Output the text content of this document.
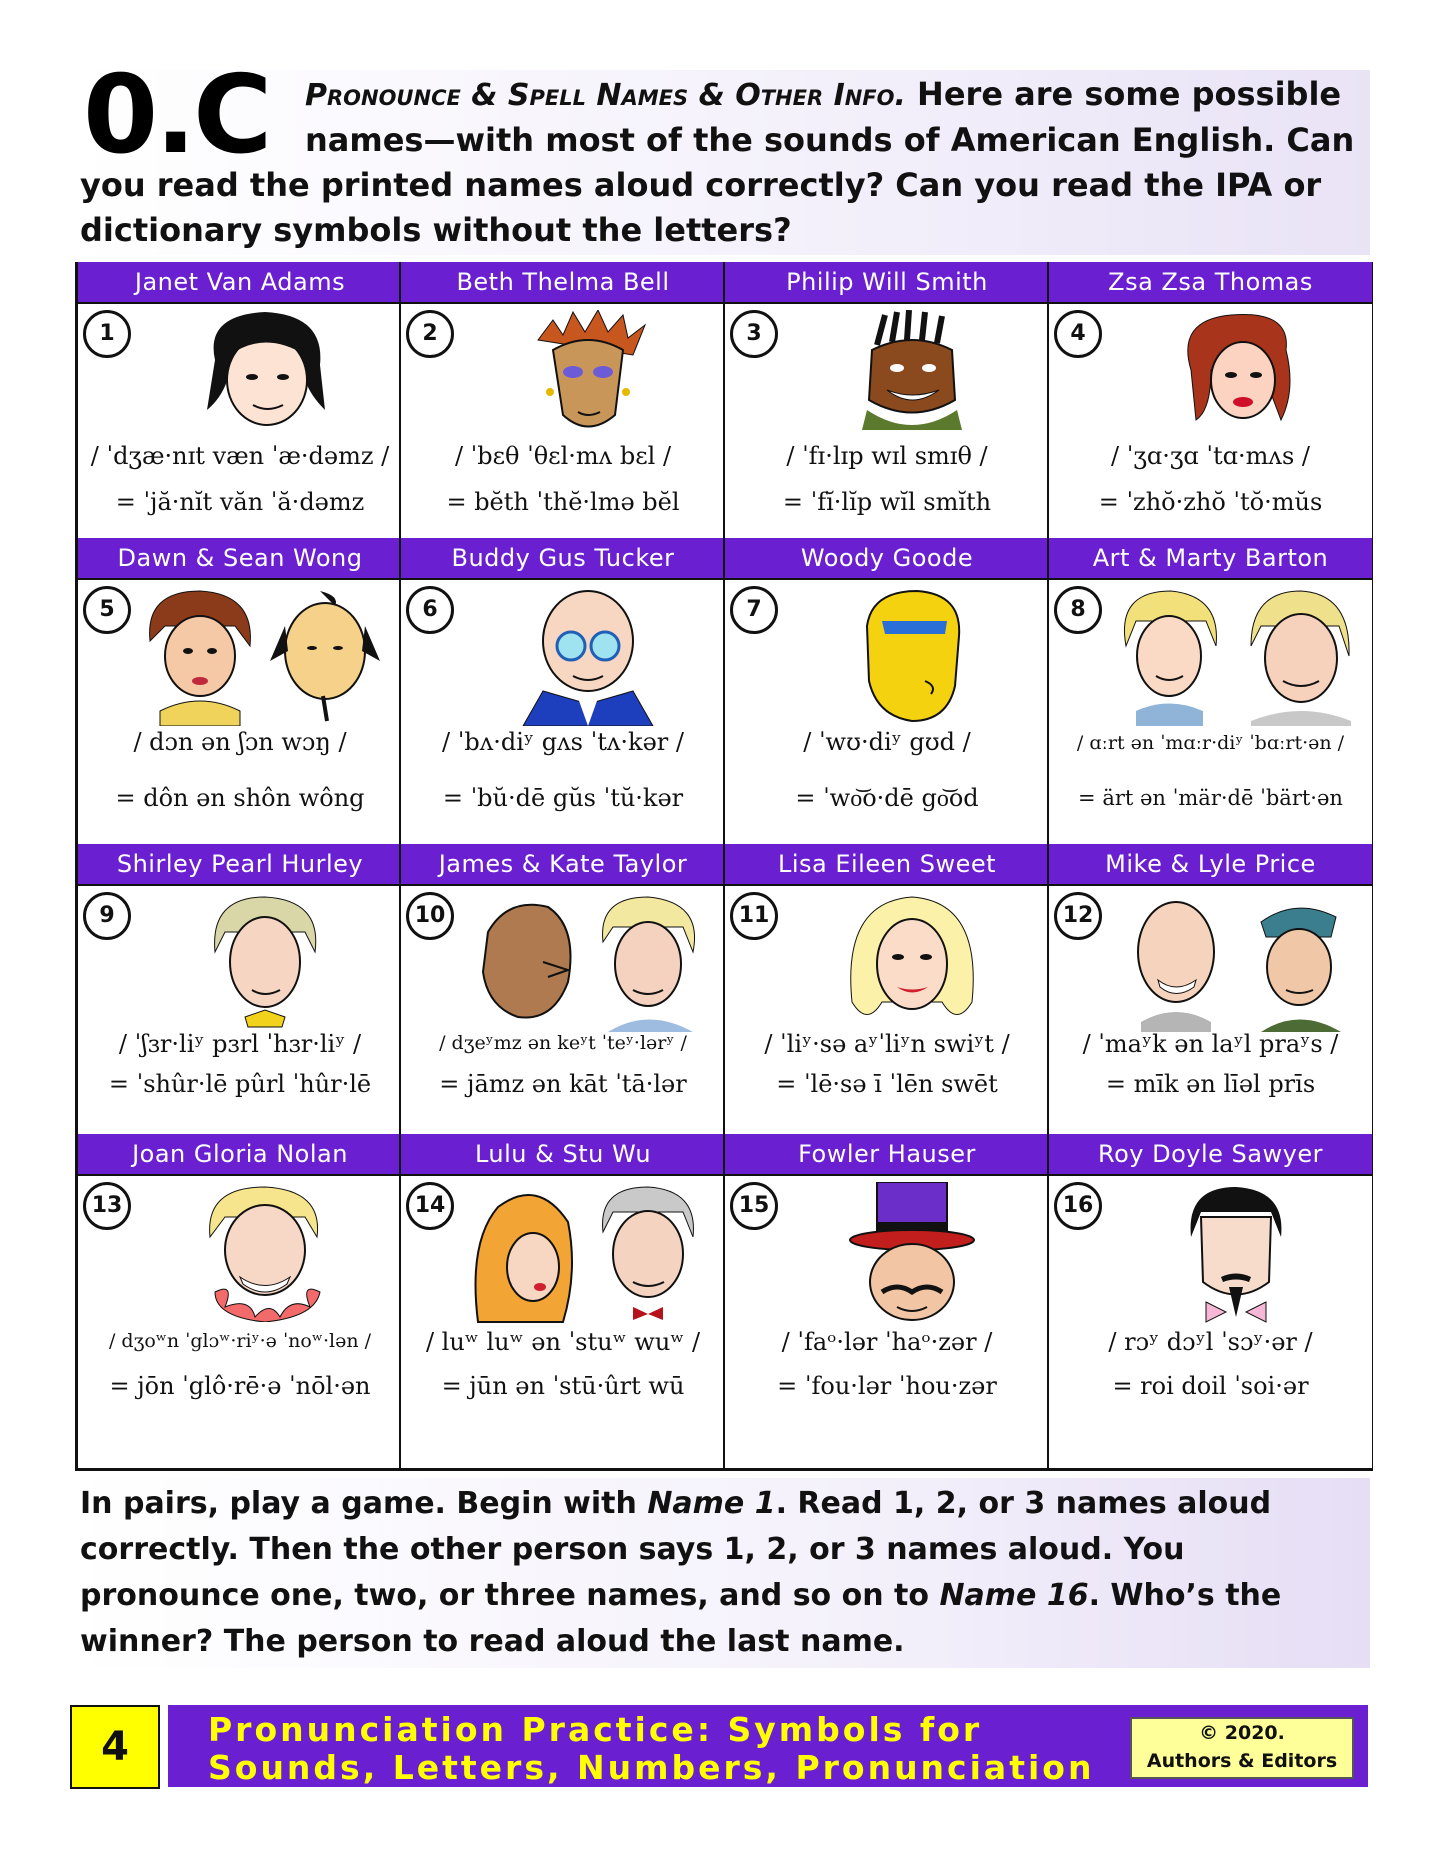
0.C	Pronounce & Spell Names & Other Info. Here are some possible names—with most of the sounds of American English. Can you read the printed names aloud correctly? Can you read the IPA or dictionary symbols without the letters?
Janet Van Adams
1
/ ˈdʒæ·nɪt væn ˈæ·dəmz /
= ˈjă·nĭt văn ˈă·dəmz
Beth Thelma Bell
2
/ ˈbɛθ ˈθɛl·mʌ bɛl /
= bĕth ˈthĕ·lmə bĕl
Philip Will Smith
3
/ ˈfɪ·lɪp wɪl smɪθ /
= ˈfĭ·lĭp wĭl smĭth
Zsa Zsa Thomas
4
/ ˈʒɑ·ʒɑ ˈtɑ·mʌs /
= ˈzhŏ·zhŏ ˈtŏ·mŭs
Dawn & Sean Wong
5
/ dɔn ən ʃɔn wɔŋ /
= dôn ən shôn wông
Buddy Gus Tucker
6
/ ˈbʌ·diʸ gʌs ˈtʌ·kər /
= ˈbŭ·dē gŭs ˈtŭ·kər
Woody Goode
7
/ ˈwʊ·diʸ gʊd /
= ˈwo͝o·dē go͝od
Art & Marty Barton
8
/ ɑːrt ən ˈmɑːr·diʸ ˈbɑːrt·ən /
= ärt ən ˈmär·dē ˈbärt·ən
Shirley Pearl Hurley
9
/ ˈʃɜr·liʸ pɜrl ˈhɜr·liʸ /
= ˈshûr·lē pûrl ˈhûr·lē
James & Kate Taylor
10
/ dʒeʸmz ən keʸt ˈteʸ·lərʸ /
= jāmz ən kāt ˈtā·lər
Lisa Eileen Sweet
11
/ ˈliʸ·sə aʸˈliʸn swiʸt /
= ˈlē·sə ī ˈlēn swēt
Mike & Lyle Price
12
/ ˈmaʸk ən laʸl praʸs /
= mīk ən līəl prīs
Joan Gloria Nolan
13
/ dʒoʷn ˈglɔʷ·riʸ·ə ˈnoʷ·lən /
= jōn ˈglô·rē·ə ˈnōl·ən
Lulu & Stu Wu
14
/ luʷ luʷ ən ˈstuʷ wuʷ /
= jūn ən ˈstū·ûrt wū
Fowler Hauser
15
/ ˈfaᵒ·lər ˈhaᵒ·zər /
= ˈfou·lər ˈhou·zər
Roy Doyle Sawyer
16
/ rɔʸ dɔʸl ˈsɔʸ·ər /
= roi doil ˈsoi·ər

In pairs, play a game. Begin with Name 1. Read 1, 2, or 3 names aloud correctly. Then the other person says 1, 2, or 3 names aloud. You pronounce one, two, or three names, and so on to Name 16. Who’s the winner? The person to read aloud the last name.

4	Pronunciation Practice: Symbols for
Sounds, Letters, Numbers, Pronunciation
© 2020.
Authors & Editors
